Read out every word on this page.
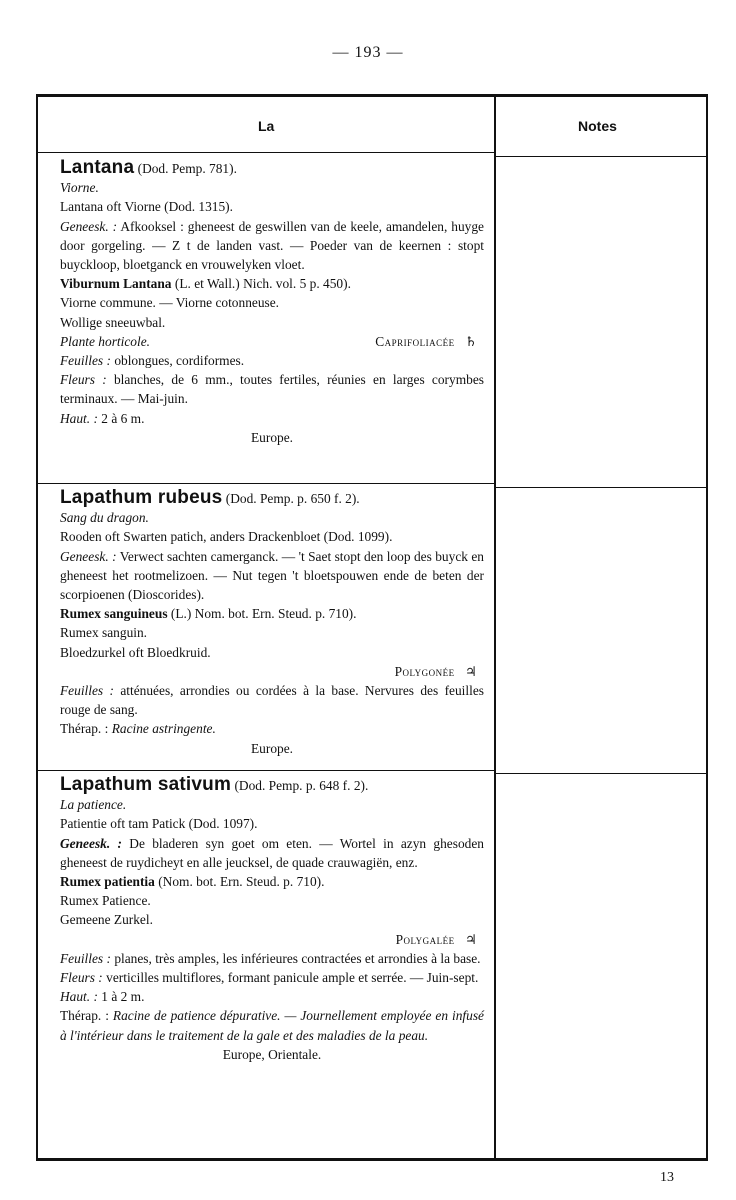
— 193 —
La	Notes

Lantana (Dod. Pemp. 781).

Viorne.

Lantana oft Viorne (Dod. 1315).

Geneesk. : Afkooksel : gheneest de geswillen van de keele, amandelen, huyge door gorgeling. — Z t de landen vast. — Poeder van de keernen : stopt buyckloop, bloetganck en vrouwelyken vloet.

Viburnum Lantana (L. et Wall.) Nich. vol. 5 p. 450).

Viorne commune. — Viorne cotonneuse.

Wollige sneeuwbal.

Plante horticole.	Caprifoliacée ♄

Feuilles : oblongues, cordiformes.

Fleurs : blanches, de 6 mm., toutes fertiles, réunies en larges corymbes terminaux. — Mai-juin.

Haut. : 2 à 6 m.

Europe.

Lapathum rubeus (Dod. Pemp. p. 650 f. 2).

Sang du dragon.

Rooden oft Swarten patich, anders Drackenbloet (Dod. 1099).

Geneesk. : Verwect sachten camerganck. — 't Saet stopt den loop des buyck en gheneest het rootmelizoen. — Nut tegen 't bloetspouwen ende de beten der scorpioenen (Dioscorides).

Rumex sanguineus (L.) Nom. bot. Ern. Steud. p. 710).

Rumex sanguin.

Bloedzurkel oft Bloedkruid.

Polygonée ♃

Feuilles : atténuées, arrondies ou cordées à la base. Nervures des feuilles rouge de sang.

Thérap. : Racine astringente.

Europe.

Lapathum sativum (Dod. Pemp. p. 648 f. 2).

La patience.

Patientie oft tam Patick (Dod. 1097).

Geneesk. : De bladeren syn goet om eten. — Wortel in azyn ghesoden gheneest de ruydicheyt en alle jeucksel, de quade crauwagiën, enz.

Rumex patientia (Nom. bot. Ern. Steud. p. 710).

Rumex Patience.

Gemeene Zurkel.

Polygalée ♃

Feuilles : planes, très amples, les inférieures contractées et arrondies à la base.

Fleurs : verticilles multiflores, formant panicule ample et serrée. — Juin-sept.

Haut. : 1 à 2 m.

Thérap. : Racine de patience dépurative. — Journellement employée en infusé à l'intérieur dans le traitement de la gale et des maladies de la peau.

Europe, Orientale.

13
